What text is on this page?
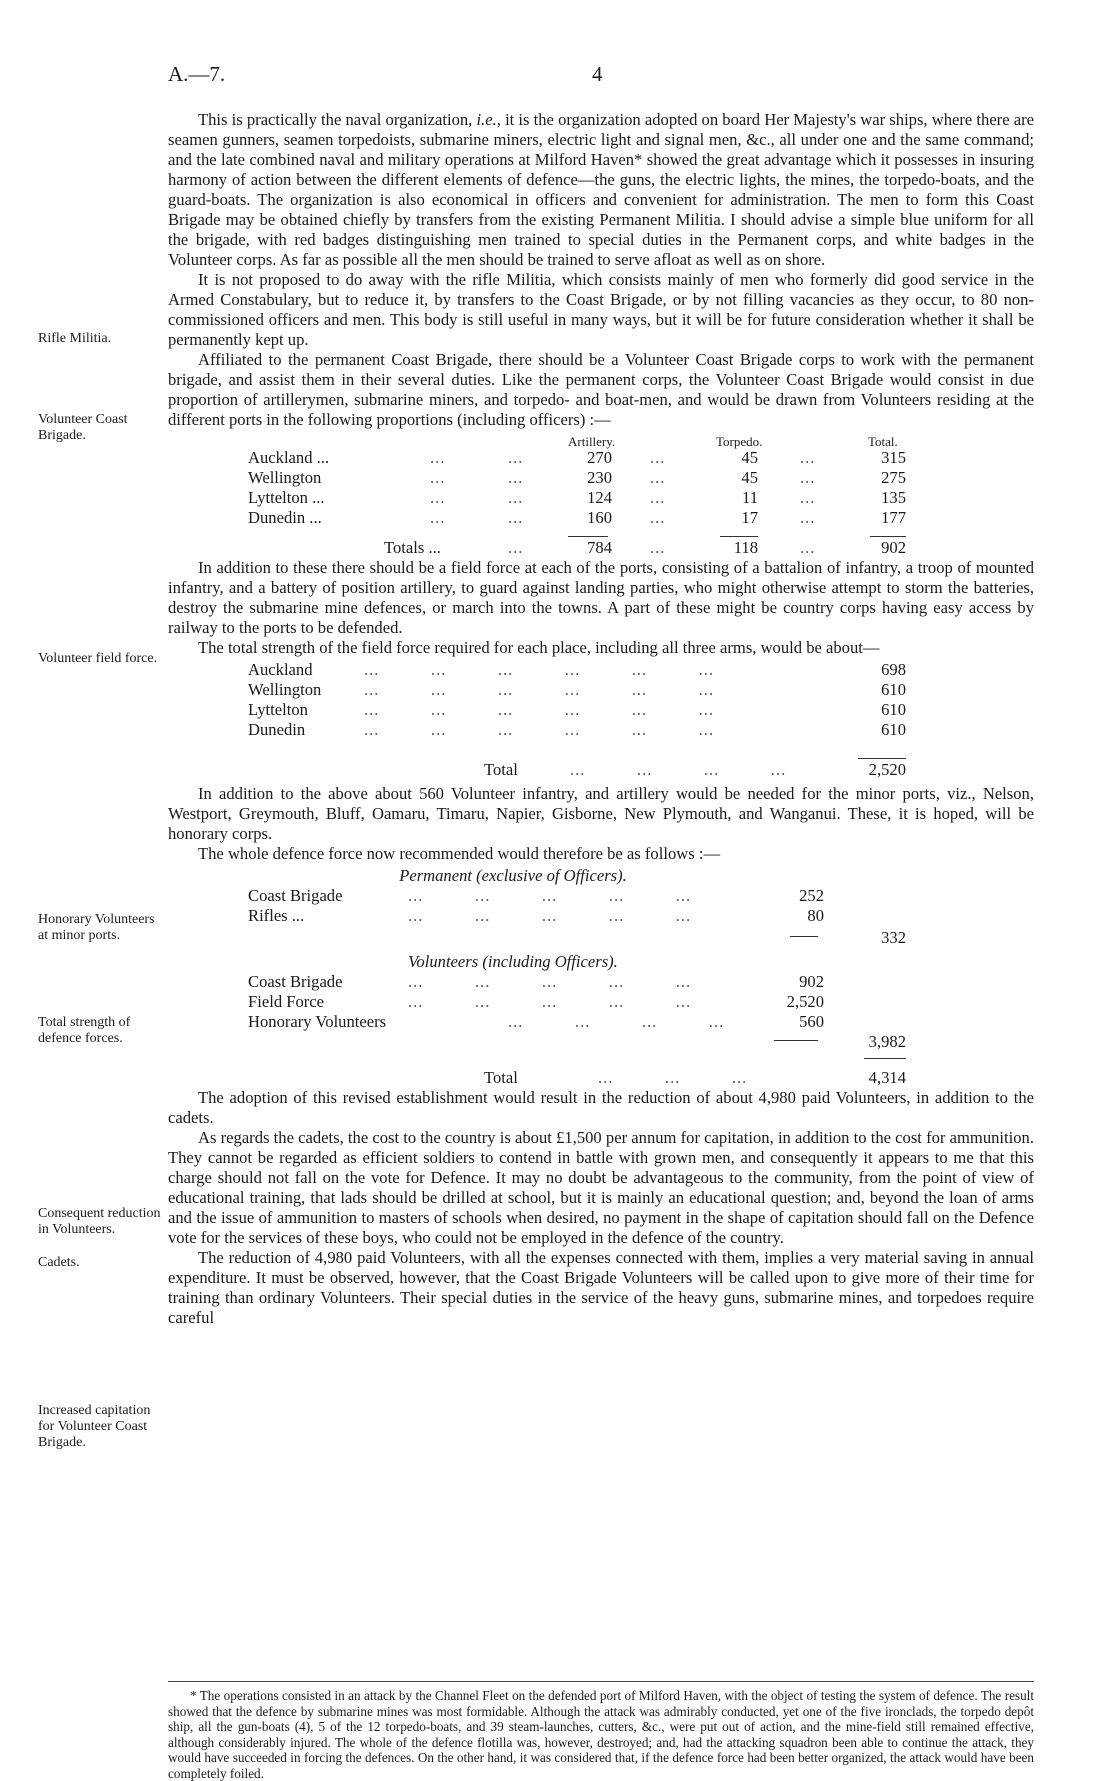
A.—7.	4
Rifle Militia.
Volunteer Coast Brigade.
Volunteer field force.
Honorary Volunteers at minor ports.
Total strength of defence forces.
Consequent reduction in Volunteers.
Cadets.
Increased capitation for Volunteer Coast Brigade.

This is practically the naval organization, i.e., it is the organization adopted on board Her Majesty's war ships, where there are seamen gunners, seamen torpedoists, submarine miners, electric light and signal men, &c., all under one and the same command; and the late combined naval and military operations at Milford Haven* showed the great advantage which it possesses in insuring harmony of action between the different elements of defence—the guns, the electric lights, the mines, the torpedo-boats, and the guard-boats. The organization is also economical in officers and convenient for administration. The men to form this Coast Brigade may be obtained chiefly by transfers from the existing Permanent Militia. I should advise a simple blue uniform for all the brigade, with red badges distinguishing men trained to special duties in the Permanent corps, and white badges in the Volunteer corps. As far as possible all the men should be trained to serve afloat as well as on shore.

It is not proposed to do away with the rifle Militia, which consists mainly of men who formerly did good service in the Armed Constabulary, but to reduce it, by transfers to the Coast Brigade, or by not filling vacancies as they occur, to 80 non-commissioned officers and men. This body is still useful in many ways, but it will be for future consideration whether it shall be permanently kept up.

Affiliated to the permanent Coast Brigade, there should be a Volunteer Coast Brigade corps to work with the permanent brigade, and assist them in their several duties. Like the permanent corps, the Volunteer Coast Brigade would consist in due proportion of artillerymen, submarine miners, and torpedo- and boat-men, and would be drawn from Volunteers residing at the different ports in the following proportions (including officers) :—

Artillery.	Torpedo.	Total.
Auckland ...	...	...	270 ...	45	...	315
Wellington	...	...	230 ...	45	...	275
Lyttelton ...	...	...	124 ...	11	...	135
Dunedin ...	...	...	160 ...	17	...	177
Totals ...	...	784 ...	118	...	902

In addition to these there should be a field force at each of the ports, consisting of a battalion of infantry, a troop of mounted infantry, and a battery of position artillery, to guard against landing parties, who might otherwise attempt to storm the batteries, destroy the submarine mine defences, or march into the towns. A part of these might be country corps having easy access by railway to the ports to be defended.

The total strength of the field force required for each place, including all three arms, would be about—

Auckland	...          ...          ...          ...          ...          ...	698
Wellington	...          ...          ...          ...          ...          ...	610
Lyttelton	...          ...          ...          ...          ...          ...	610
Dunedin	...          ...          ...          ...          ...          ...	610
Total	...          ...          ...          ...	2,520

In addition to the above about 560 Volunteer infantry, and artillery would be needed for the minor ports, viz., Nelson, Westport, Greymouth, Bluff, Oamaru, Timaru, Napier, Gisborne, New Plymouth, and Wanganui. These, it is hoped, will be honorary corps.

The whole defence force now recommended would therefore be as follows :—

Permanent (exclusive of Officers).
Coast Brigade	...          ...          ...          ...          ...	252
Rifles ...	...          ...          ...          ...          ...	80
332
Volunteers (including Officers).
Coast Brigade	...          ...          ...          ...          ...	902
Field Force	...          ...          ...          ...          ...	2,520
Honorary Volunteers	...          ...          ...          ...	560
3,982
Total	...          ...          ...	4,314

The adoption of this revised establishment would result in the reduction of about 4,980 paid Volunteers, in addition to the cadets.

As regards the cadets, the cost to the country is about £1,500 per annum for capitation, in addition to the cost for ammunition. They cannot be regarded as efficient soldiers to contend in battle with grown men, and consequently it appears to me that this charge should not fall on the vote for Defence. It may no doubt be advantageous to the community, from the point of view of educational training, that lads should be drilled at school, but it is mainly an educational question; and, beyond the loan of arms and the issue of ammunition to masters of schools when desired, no payment in the shape of capitation should fall on the Defence vote for the services of these boys, who could not be employed in the defence of the country.

The reduction of 4,980 paid Volunteers, with all the expenses connected with them, implies a very material saving in annual expenditure. It must be observed, however, that the Coast Brigade Volunteers will be called upon to give more of their time for training than ordinary Volunteers. Their special duties in the service of the heavy guns, submarine mines, and torpedoes require careful

* The operations consisted in an attack by the Channel Fleet on the defended port of Milford Haven, with the object of testing the system of defence. The result showed that the defence by submarine mines was most formidable. Although the attack was admirably conducted, yet one of the five ironclads, the torpedo depôt ship, all the gun-boats (4), 5 of the 12 torpedo-boats, and 39 steam-launches, cutters, &c., were put out of action, and the mine-field still remained effective, although considerably injured. The whole of the defence flotilla was, however, destroyed; and, had the attacking squadron been able to continue the attack, they would have succeeded in forcing the defences. On the other hand, it was considered that, if the defence force had been better organized, the attack would have been completely foiled.
